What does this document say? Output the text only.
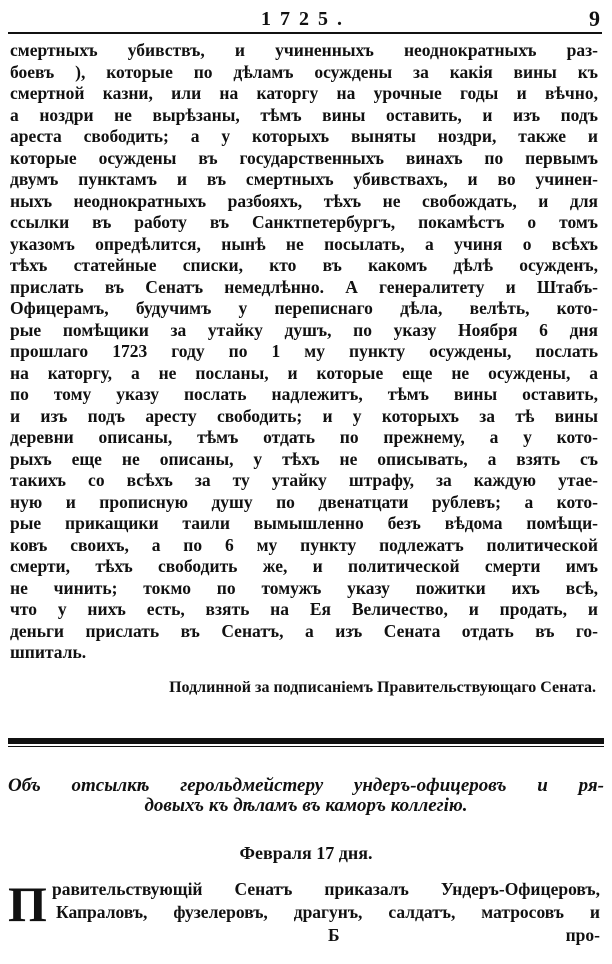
1725.	9
смертныхъ убивствъ, и учиненныхъ неоднократныхъ раз-
боевъ ), которые по дѣламъ осуждены за какiя вины къ
смертной казни, или на каторгу на урочные годы и вѣчно,
а ноздри не вырѣзаны, тѣмъ вины оставить, и изъ подъ
ареста свободить; а у которыхъ выняты ноздри, также и
которые осуждены въ государственныхъ винахъ по первымъ
двумъ пунктамъ и въ смертныхъ убивствахъ, и во учинен-
ныхъ неоднократныхъ разбояхъ, тѣхъ не свобождать, и для
ссылки въ работу въ Санктпетербургъ, покамѣстъ о томъ
указомъ опредѣлится, нынѣ не посылать, а учиня о всѣхъ
тѣхъ статейные списки, кто въ какомъ дѣлѣ осужденъ,
прислать въ Сенатъ немедлѣнно. А генералитету и Штабъ-
Офицерамъ, будучимъ у переписнаго дѣла, велѣть, кото-
рые помѣщики за утайку душъ, по указу Ноября 6 дня
прошлаго 1723 году по 1 му пункту осуждены, послать
на каторгу, а не посланы, и которые еще не осуждены, а
по тому указу послать надлежитъ, тѣмъ вины оставить,
и изъ подъ аресту свободить; и у которыхъ за тѣ вины
деревни описаны, тѣмъ отдать по прежнему, а у кото-
рыхъ еще не описаны, у тѣхъ не описывать, а взять съ
такихъ со всѣхъ за ту утайку штрафу, за каждую утае-
ную и прописную душу по двенатцати рублевъ; а кото-
рые прикащики таили вымышленно безъ вѣдома помѣщи-
ковъ своихъ, а по 6 му пункту подлежатъ политической
смерти, тѣхъ свободить же, и политической смерти имъ
не чинить; токмо по томужъ указу пожитки ихъ всѣ,
что у нихъ есть, взять на Ея Величество, и продать, и
деньги прислать въ Сенатъ, а изъ Сената отдать въ го-
шпиталь.
Подлинной за подписанiемъ Правительствующаго Сената.
Объ отсылкѣ герольдмейстеру ундеръ-офицеровъ и ря-
довыхъ къ дѣламъ въ каморъ коллегiю.
Февраля 17 дня.
П равительствующiй Сенатъ приказалъ Ундеръ-Офицеровъ,
Капраловъ, фузелеровъ, драгунъ, салдатъ, матросовъ и
Б	про-
